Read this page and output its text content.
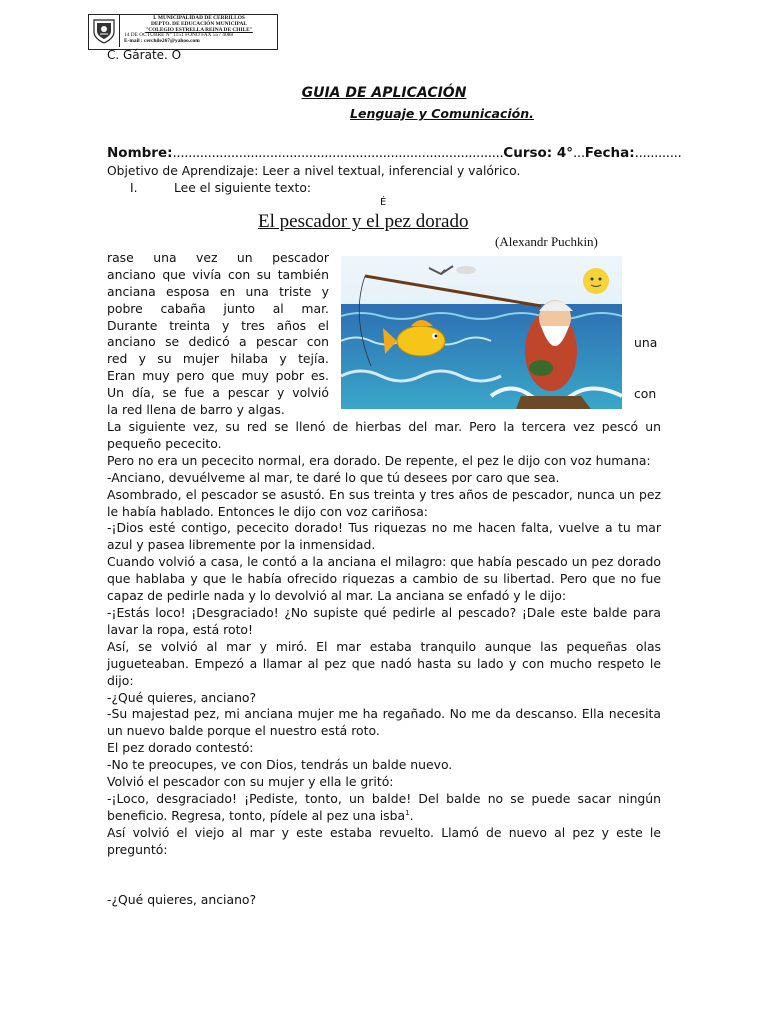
I. MUNICIPALIDAD DE CERRILLOS
DEPTO. DE EDUCACIÓN MUNICIPAL
"COLEGIO ESTRELLA REINA DE CHILE"
14 DE OCTUBRE N° 1151 FONO FAX 557 4088
E-mail : cerchile267@yahoo.com
C. Gárate. O
GUIA DE APLICACIÓN
Lenguaje y Comunicación.
Nombre:.....................................................................................Curso: 4°...Fecha:............
Objetivo de Aprendizaje: Leer a nivel textual, inferencial y valórico.
I.	Lee el siguiente texto:
É
El pescador y el pez dorado
(Alexandr Puchkin)
rase una vez un pescador
anciano que vivía con su también
anciana esposa en una triste y
pobre cabaña junto al mar.
Durante treinta y tres años el
anciano se dedicó a pescar con
red y su mujer hilaba y tejía.
Eran muy pero que muy pobr es.
Un día, se fue a pescar y volvió
la red llena de barro y algas.
una
con

La siguiente vez, su red se llenó de hierbas del mar. Pero la tercera vez pescó un pequeño pececito.

Pero no era un pececito normal, era dorado. De repente, el pez le dijo con voz humana:

-Anciano, devuélveme al mar, te daré lo que tú desees por caro que sea.

Asombrado, el pescador se asustó. En sus treinta y tres años de pescador, nunca un pez le había hablado. Entonces le dijo con voz cariñosa:

-¡Dios esté contigo, pececito dorado! Tus riquezas no me hacen falta, vuelve a tu mar azul y pasea libremente por la inmensidad.

Cuando volvió a casa, le contó a la anciana el milagro: que había pescado un pez dorado que hablaba y que le había ofrecido riquezas a cambio de su libertad. Pero que no fue capaz de pedirle nada y lo devolvió al mar. La anciana se enfadó y le dijo:

-¡Estás loco! ¡Desgraciado! ¿No supiste qué pedirle al pescado? ¡Dale este balde para lavar la ropa, está roto!

Así, se volvió al mar y miró. El mar estaba tranquilo aunque las pequeñas olas jugueteaban. Empezó a llamar al pez que nadó hasta su lado y con mucho respeto le dijo:

-¿Qué quieres, anciano?

-Su majestad pez, mi anciana mujer me ha regañado. No me da descanso. Ella necesita un nuevo balde porque el nuestro está roto.

El pez dorado contestó:

-No te preocupes, ve con Dios, tendrás un balde nuevo.

Volvió el pescador con su mujer y ella le gritó:

-¡Loco, desgraciado! ¡Pediste, tonto, un balde! Del balde no se puede sacar ningún beneficio. Regresa, tonto, pídele al pez una isba$^1$.

Así volvió el viejo al mar y este estaba revuelto. Llamó de nuevo al pez y este le preguntó:

-¿Qué quieres, anciano?
